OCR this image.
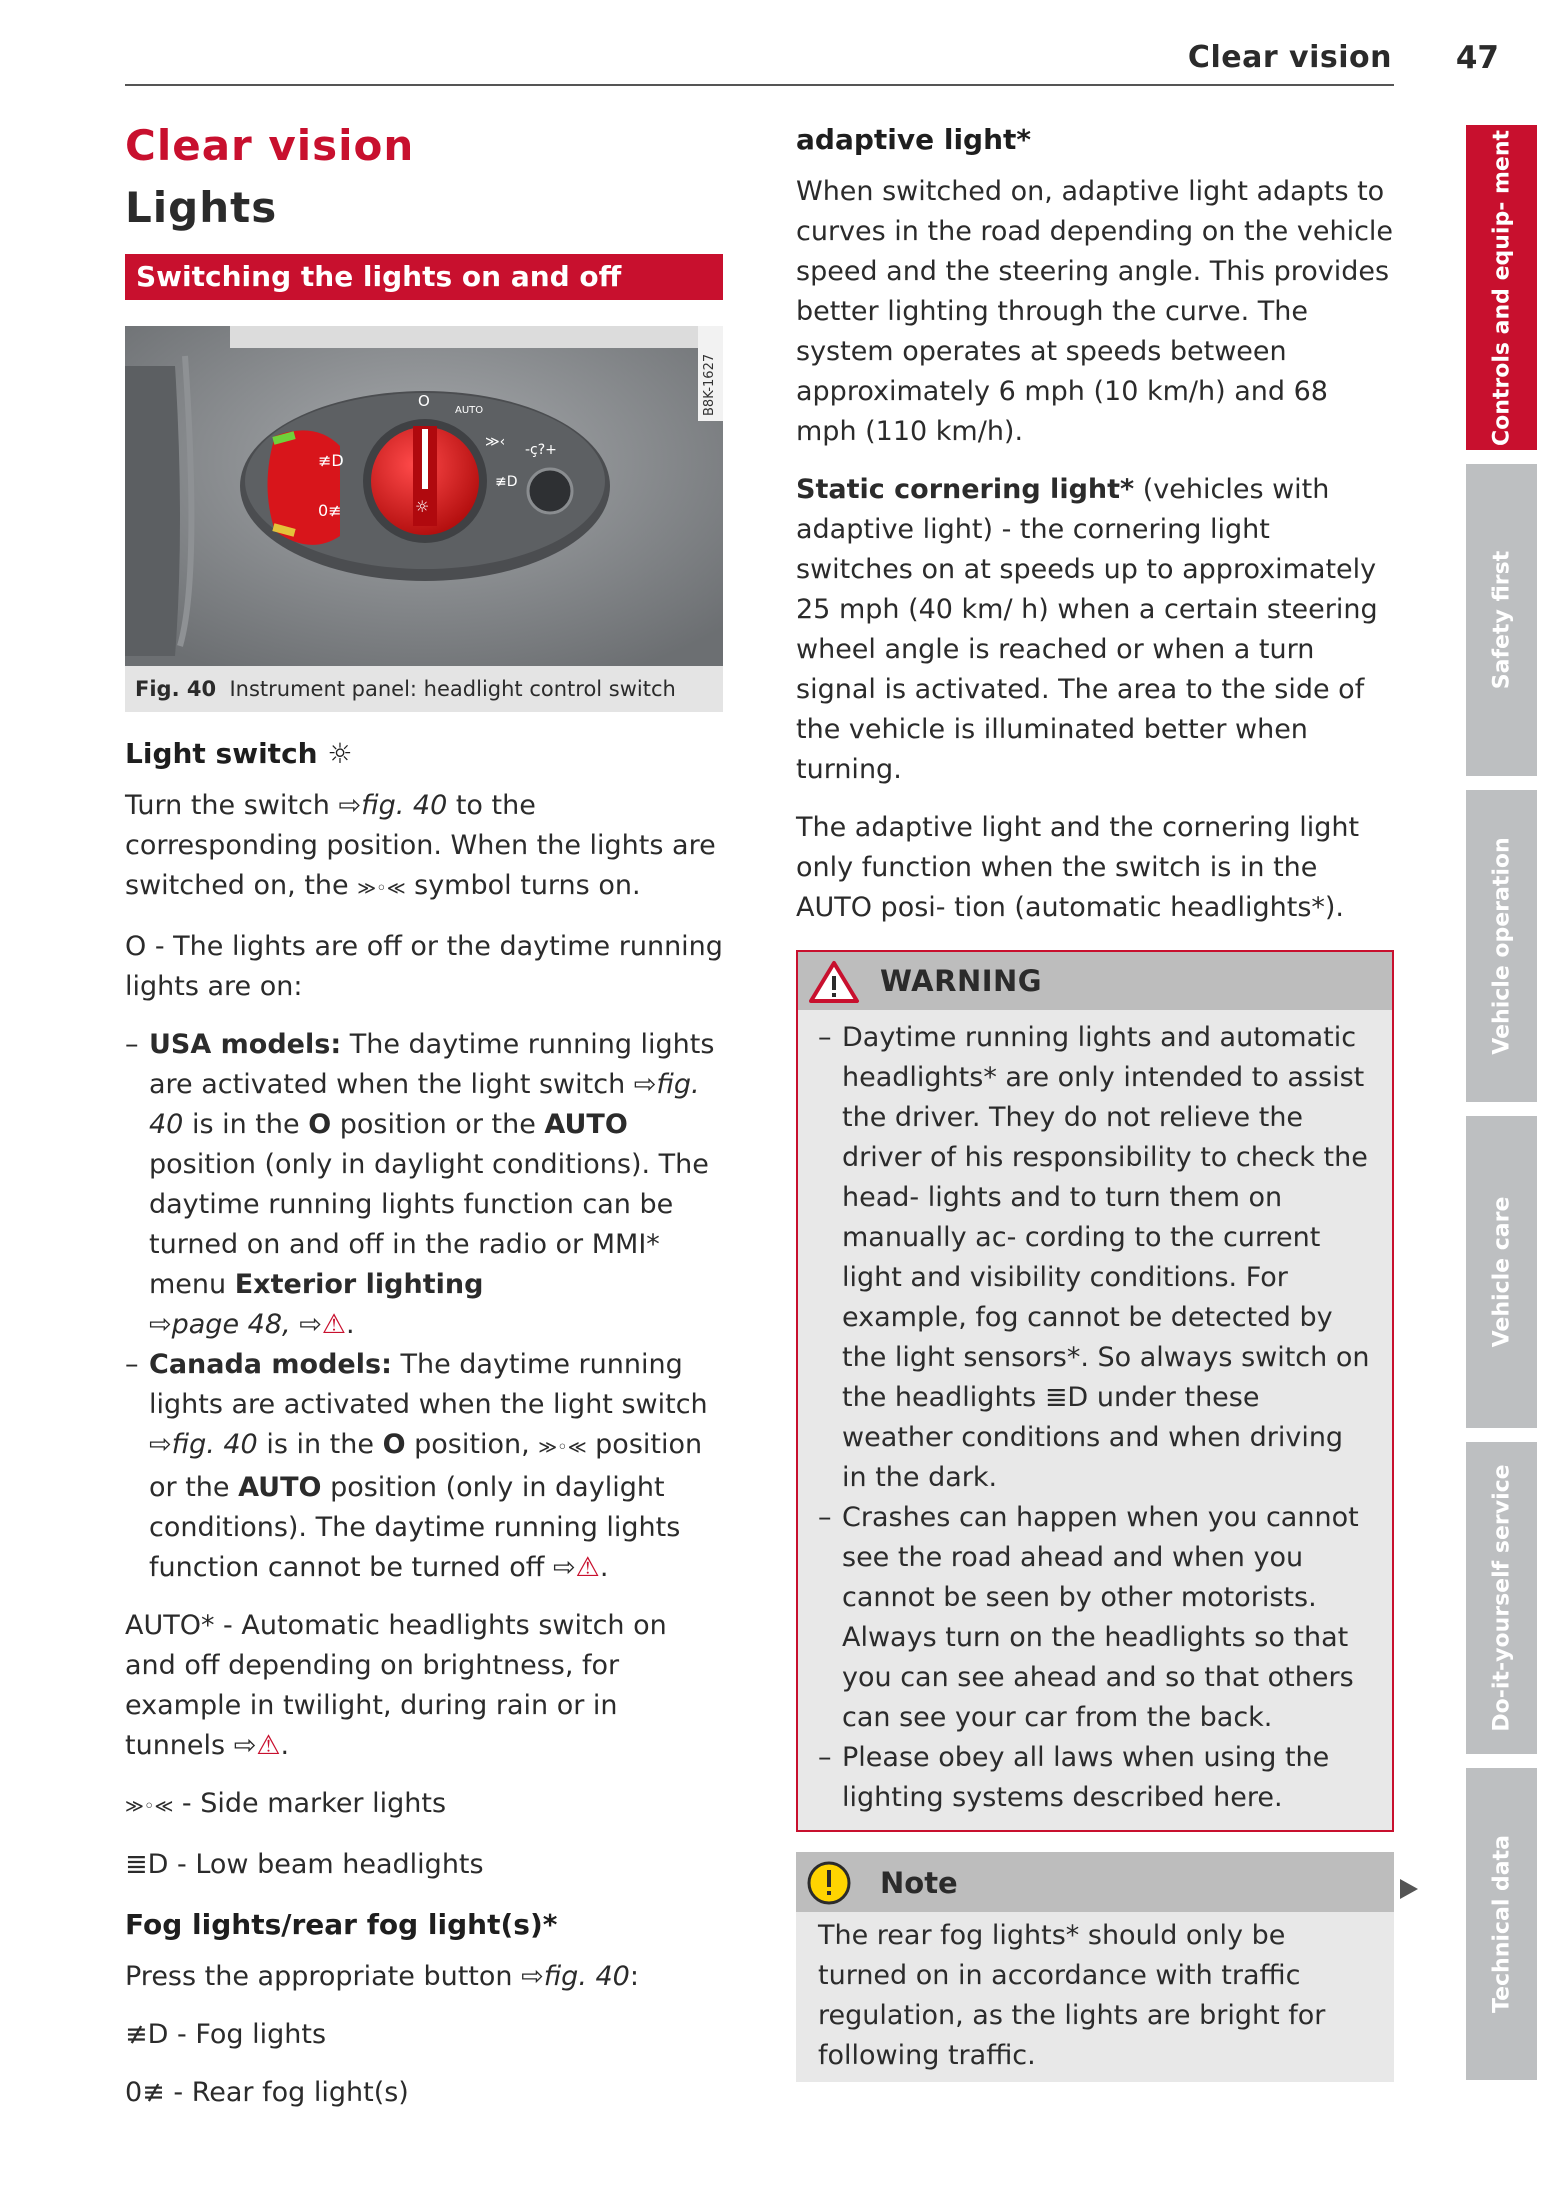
Clear vision 47
Clear vision
Lights
Switching the lights on and off
≢D
0≢	☼
O
AUTO
≫‹
≢D
-ç?+
B8K-1627
Fig. 40 Instrument panel: headlight control switch
Light switch ☼
Turn the switch ⇨fig. 40 to the corresponding position. When the lights are switched on, the ≫◦≪ symbol turns on.
O - The lights are off or the daytime running lights are on:
– USA models: The daytime running lights are activated when the light switch ⇨fig. 40 is in the O position or the AUTO position (only in daylight conditions). The daytime running lights function can be turned on and off in the radio or MMI* menu Exterior lighting
⇨page 48, ⇨⚠.
– Canada models: The daytime running lights are activated when the light switch ⇨fig. 40 is in the O position, ≫◦≪ position or the AUTO position (only in daylight conditions). The daytime running lights function cannot be turned off ⇨⚠.
AUTO* - Automatic headlights switch on and off depending on brightness, for example in twilight, during rain or in tunnels ⇨⚠.
≫◦≪ - Side marker lights
≣D - Low beam headlights
Fog lights/rear fog light(s)*
Press the appropriate button ⇨fig. 40:
≢D - Fog lights
0≢ - Rear fog light(s)
adaptive light*
When switched on, adaptive light adapts to curves in the road depending on the vehicle speed and the steering angle. This provides better lighting through the curve. The system operates at speeds between approximately 6 mph (10 km/h) and 68 mph (110 km/h).
Static cornering light* (vehicles with adaptive light) - the cornering light switches on at speeds up to approximately 25 mph (40 km/ h) when a certain steering wheel angle is reached or when a turn signal is activated. The area to the side of the vehicle is illuminated better when turning.
The adaptive light and the cornering light only function when the switch is in the AUTO posi- tion (automatic headlights*).
WARNING
– Daytime running lights and automatic headlights* are only intended to assist the driver. They do not relieve the driver of his responsibility to check the head- lights and to turn them on manually ac- cording to the current light and visibility conditions. For example, fog cannot be detected by the light sensors*. So always switch on the headlights ≣D under these weather conditions and when driving in the dark.
– Crashes can happen when you cannot see the road ahead and when you cannot be seen by other motorists. Always turn on the headlights so that you can see ahead and so that others can see your car from the back.
– Please obey all laws when using the lighting systems described here.
Note
The rear fog lights* should only be turned on in accordance with traffic regulation, as the lights are bright for following traffic.
Controls and equip- ment
Safety first
Vehicle operation
Vehicle care
Do-it-yourself service
Technical data
